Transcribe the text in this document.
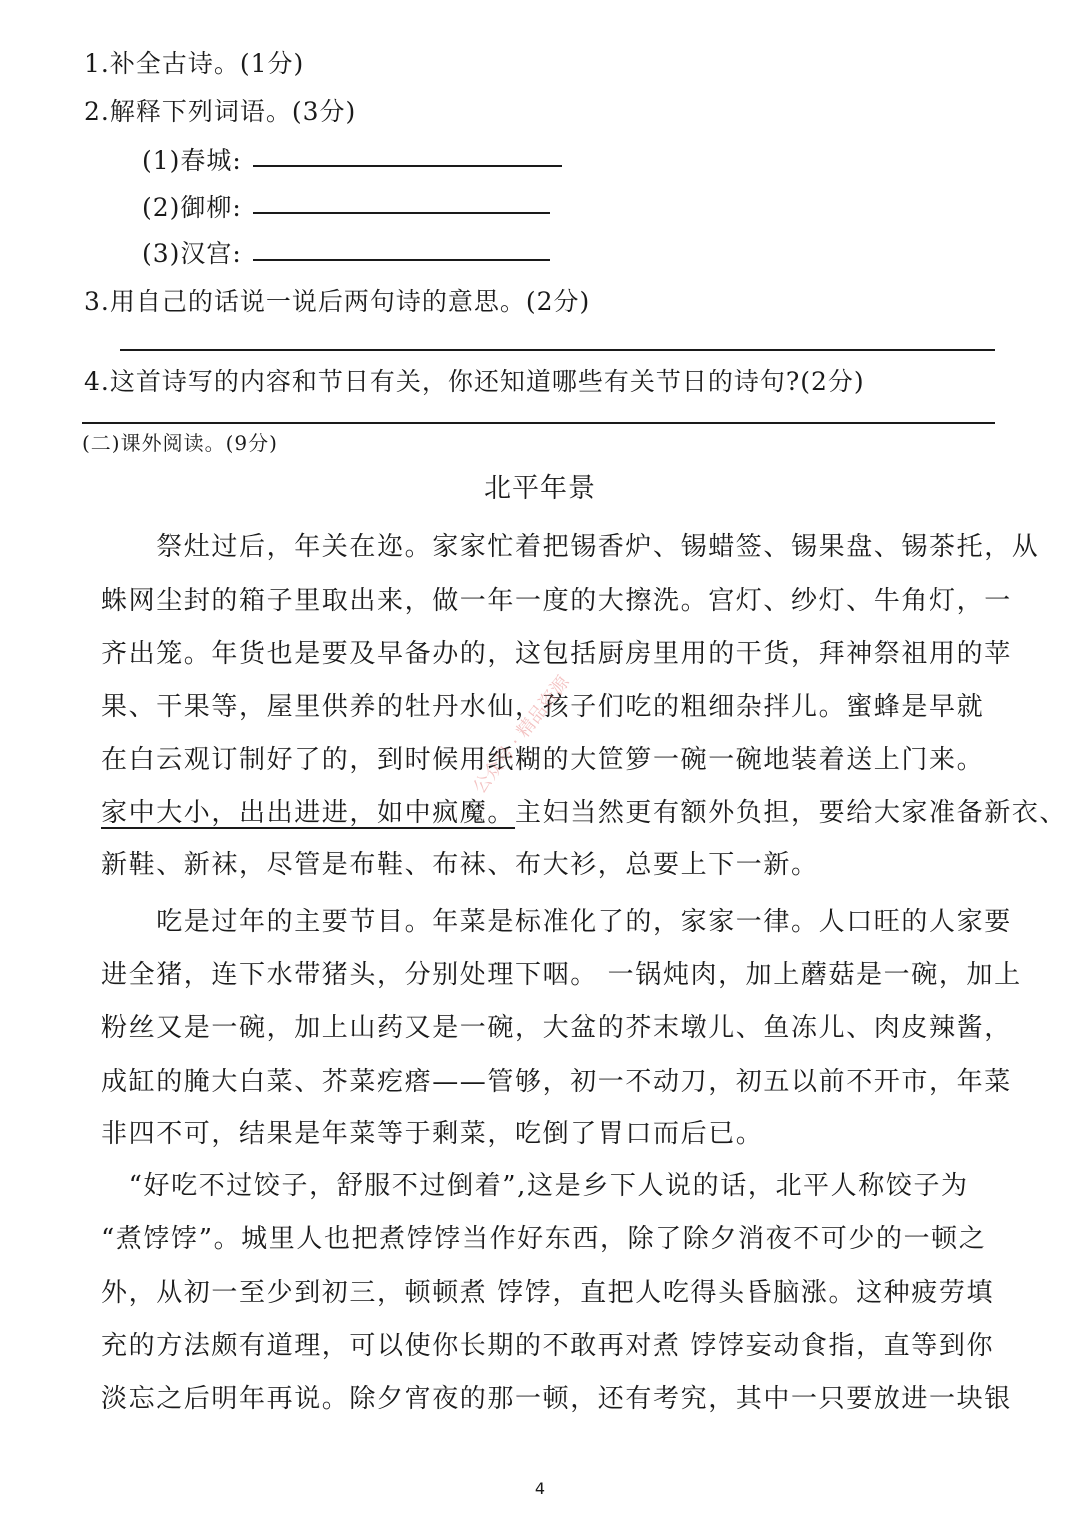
1.补全古诗。(1分)
2.解释下列词语。(3分)
(1)春城:
(2)御柳:
(3)汉宫:
3.用自己的话说一说后两句诗的意思。(2分)
4.这首诗写的内容和节日有关，你还知道哪些有关节日的诗句?(2分)
(二)课外阅读。(9分)
北平年景
　　祭灶过后，年关在迩。家家忙着把锡香炉、锡蜡签、锡果盘、锡茶托，从
蛛网尘封的箱子里取出来，做一年一度的大擦洗。宫灯、纱灯、牛角灯，一
齐出笼。年货也是要及早备办的，这包括厨房里用的干货，拜神祭祖用的苹
果、干果等，屋里供养的牡丹水仙，孩子们吃的粗细杂拌儿。蜜蜂是早就
在白云观订制好了的，到时候用纸糊的大笸箩一碗一碗地装着送上门来。
家中大小，出出进进，如中疯魔。主妇当然更有额外负担，要给大家准备新衣、
新鞋、新袜，尽管是布鞋、布袜、布大衫，总要上下一新。
　　吃是过年的主要节目。年菜是标准化了的，家家一律。人口旺的人家要
进全猪，连下水带猪头，分别处理下咽。 一锅炖肉，加上蘑菇是一碗，加上
粉丝又是一碗，加上山药又是一碗，大盆的芥末墩儿、鱼冻儿、肉皮辣酱，
成缸的腌大白菜、芥菜疙瘩——管够，初一不动刀，初五以前不开市，年菜
非四不可，结果是年菜等于剩菜，吃倒了胃口而后已。
　“好吃不过饺子，舒服不过倒着”,这是乡下人说的话，北平人称饺子为
“煮饽饽”。城里人也把煮饽饽当作好东西，除了除夕消夜不可少的一顿之
外，从初一至少到初三，顿顿煮 饽饽，直把人吃得头昏脑涨。这种疲劳填
充的方法颇有道理，可以使你长期的不敢再对煮 饽饽妄动食指，直等到你
淡忘之后明年再说。除夕宵夜的那一顿，还有考究，其中一只要放进一块银
公众号 · 精品资源
4
